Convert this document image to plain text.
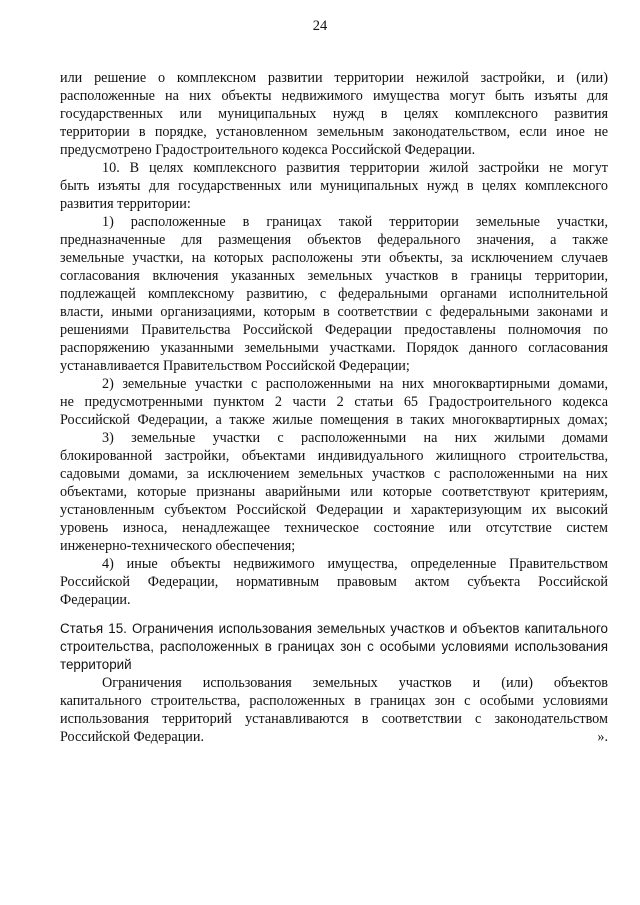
24
или решение о комплексном развитии территории нежилой застройки, и (или)
расположенные на них объекты недвижимого имущества могут быть изъяты для
государственных или муниципальных нужд в целях комплексного развития
территории в порядке, установленном земельным законодательством, если иное не
предусмотрено Градостроительного кодекса Российской Федерации.
10. В целях комплексного развития территории жилой застройки не могут
быть изъяты для государственных или муниципальных нужд в целях комплексного
развития территории:
1) расположенные в границах такой территории земельные участки,
предназначенные для размещения объектов федерального значения, а также
земельные участки, на которых расположены эти объекты, за исключением случаев
согласования включения указанных земельных участков в границы территории,
подлежащей комплексному развитию, с федеральными органами исполнительной
власти, иными организациями, которым в соответствии с федеральными законами и
решениями Правительства Российской Федерации предоставлены полномочия по
распоряжению указанными земельными участками. Порядок данного согласования
устанавливается Правительством Российской Федерации;
2) земельные участки с расположенными на них многоквартирными домами,
не предусмотренными пунктом 2 части 2 статьи 65 Градостроительного кодекса
Российской Федерации, а также жилые помещения в таких многоквартирных домах;
3) земельные участки с расположенными на них жилыми домами
блокированной застройки, объектами индивидуального жилищного строительства,
садовыми домами, за исключением земельных участков с расположенными на них
объектами, которые признаны аварийными или которые соответствуют критериям,
установленным субъектом Российской Федерации и характеризующим их высокий
уровень износа, ненадлежащее техническое состояние или отсутствие систем
инженерно-технического обеспечения;
4) иные объекты недвижимого имущества, определенные Правительством
Российской Федерации, нормативным правовым актом субъекта Российской
Федерации.
Статья 15. Ограничения использования земельных участков и объектов капитального
строительства, расположенных в границах зон с особыми условиями использования
территорий
Ограничения использования земельных участков и (или) объектов
капитального строительства, расположенных в границах зон с особыми условиями
использования территорий устанавливаются в соответствии с законодательством
Российской Федерации.	».
